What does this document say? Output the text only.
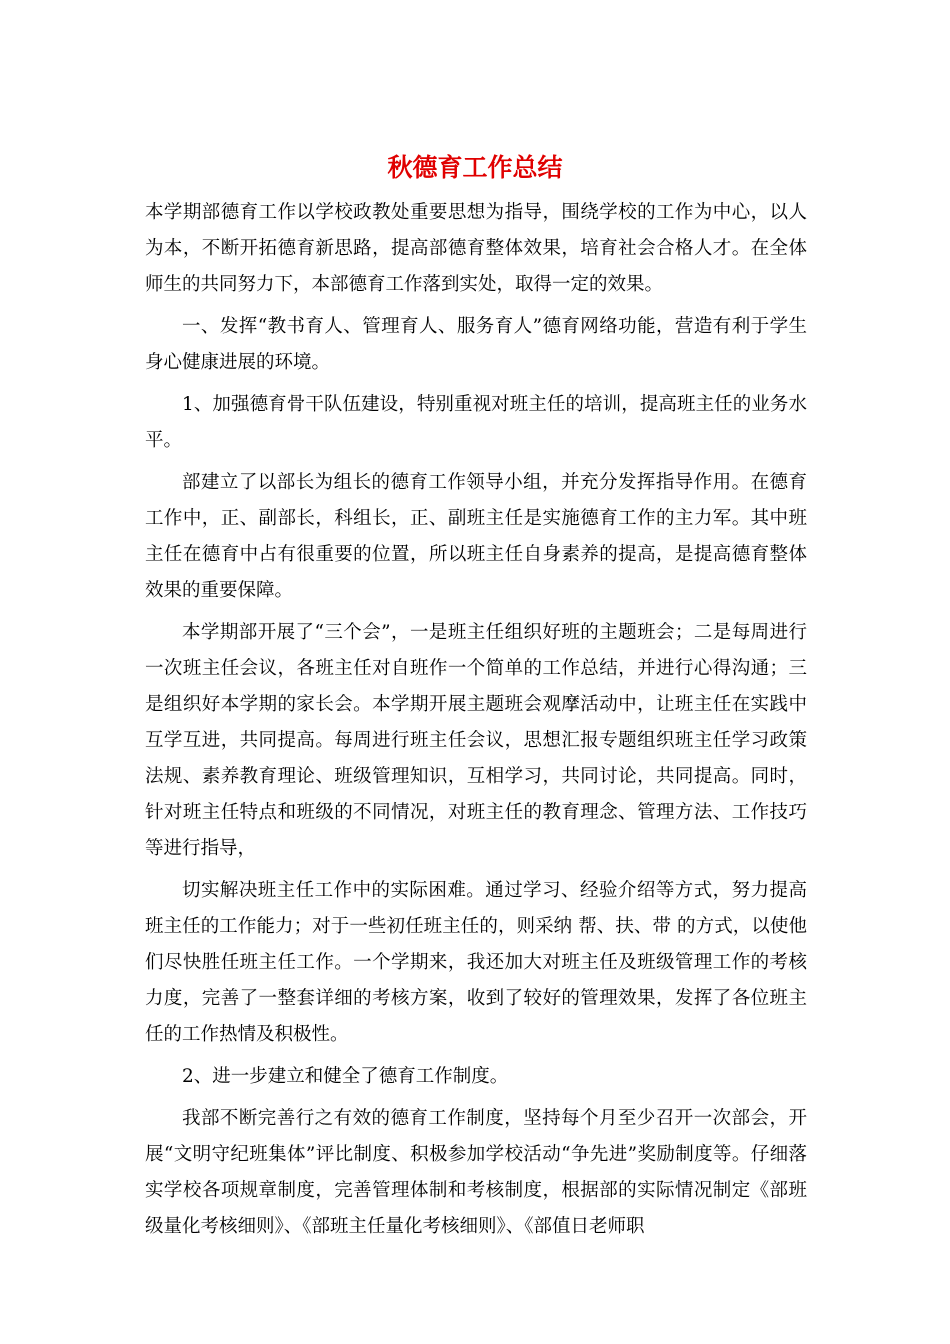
秋德育工作总结

本学期部德育工作以学校政教处重要思想为指导，围绕学校的工作为中心，以人为本，不断开拓德育新思路，提高部德育整体效果，培育社会合格人才。在全体师生的共同努力下，本部德育工作落到实处，取得一定的效果。

一、发挥“教书育人、管理育人、服务育人”德育网络功能，营造有利于学生身心健康进展的环境。

1、加强德育骨干队伍建设，特别重视对班主任的培训，提高班主任的业务水平。

部建立了以部长为组长的德育工作领导小组，并充分发挥指导作用。在德育工作中，正、副部长，科组长，正、副班主任是实施德育工作的主力军。其中班主任在德育中占有很重要的位置，所以班主任自身素养的提高，是提高德育整体效果的重要保障。

本学期部开展了“三个会”，一是班主任组织好班的主题班会；二是每周进行一次班主任会议，各班主任对自班作一个简单的工作总结，并进行心得沟通；三是组织好本学期的家长会。本学期开展主题班会观摩活动中，让班主任在实践中互学互进，共同提高。每周进行班主任会议，思想汇报专题组织班主任学习政策法规、素养教育理论、班级管理知识，互相学习，共同讨论，共同提高。同时，针对班主任特点和班级的不同情况，对班主任的教育理念、管理方法、工作技巧等进行指导，

切实解决班主任工作中的实际困难。通过学习、经验介绍等方式，努力提高班主任的工作能力；对于一些初任班主任的，则采纳 帮、扶、带 的方式，以使他们尽快胜任班主任工作。一个学期来，我还加大对班主任及班级管理工作的考核力度，完善了一整套详细的考核方案，收到了较好的管理效果，发挥了各位班主任的工作热情及积极性。

2、进一步建立和健全了德育工作制度。

我部不断完善行之有效的德育工作制度，坚持每个月至少召开一次部会，开展“文明守纪班集体”评比制度、积极参加学校活动“争先进”奖励制度等。仔细落实学校各项规章制度，完善管理体制和考核制度，根据部的实际情况制定《部班级量化考核细则》、《部班主任量化考核细则》、《部值日老师职
